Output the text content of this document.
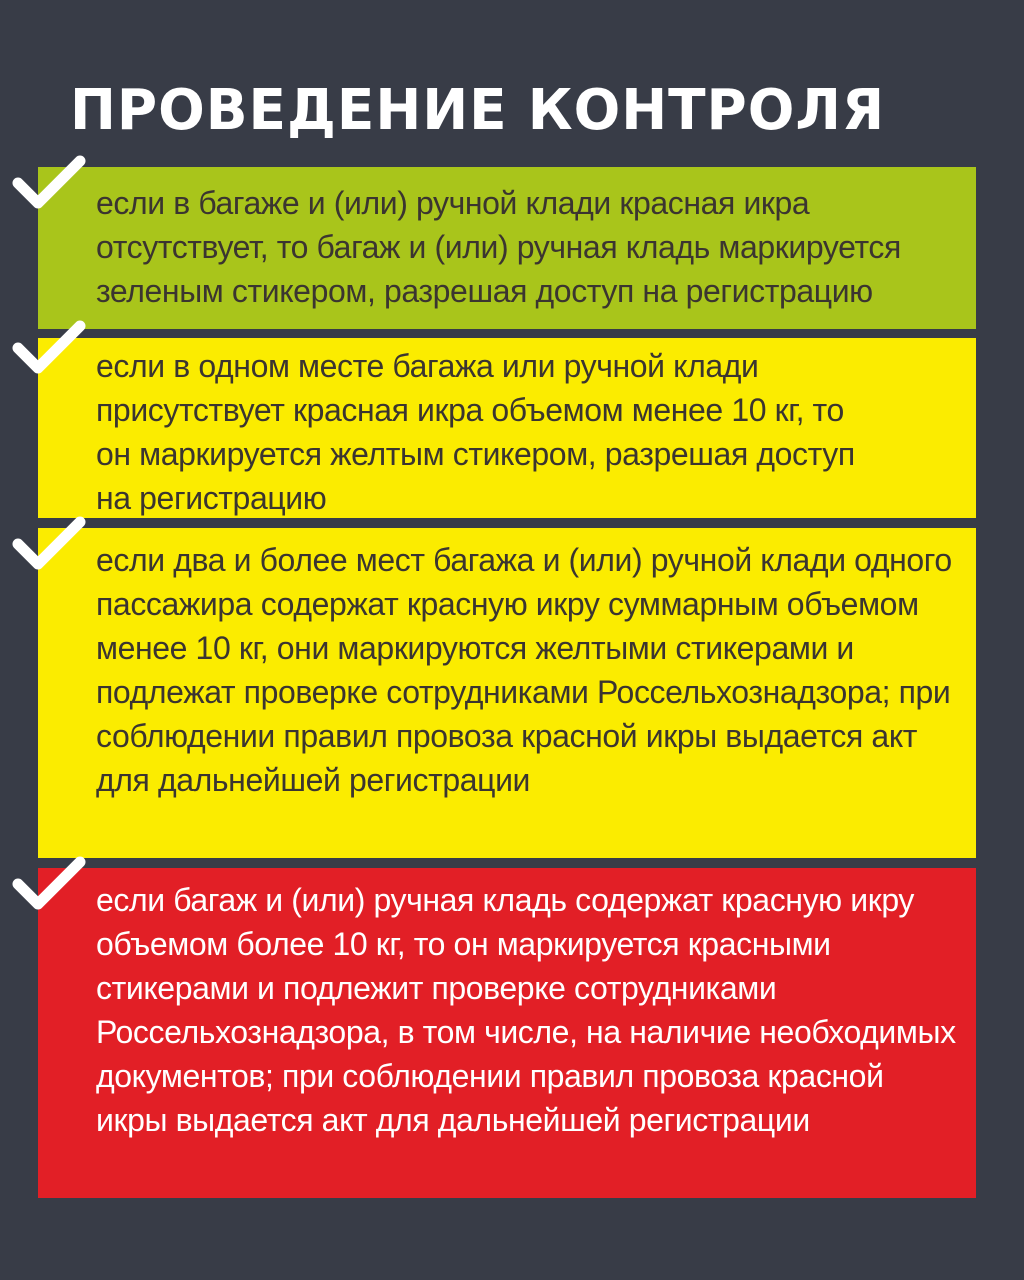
ПРОВЕДЕНИЕ КОНТРОЛЯ

если в багаже и (или) ручной клади красная икра отсутствует, то багаж и (или) ручная кладь маркируется зеленым стикером, разрешая доступ на регистрацию

если в одном месте багажа или ручной клади присутствует красная икра объемом менее 10 кг, то он маркируется желтым стикером, разрешая доступ на регистрацию

если два и более мест багажа и (или) ручной клади одного пассажира содержат красную икру суммарным объемом менее 10 кг, они маркируются желтыми стикерами и подлежат проверке сотрудниками Россельхознадзора; при соблюдении правил провоза красной икры выдается акт для дальнейшей регистрации

если багаж и (или) ручная кладь содержат красную икру объемом более 10 кг, то он маркируется красными стикерами и подлежит проверке сотрудниками Россельхознадзора, в том числе, на наличие необходимых документов; при соблюдении правил провоза красной икры выдается акт для дальнейшей регистрации
